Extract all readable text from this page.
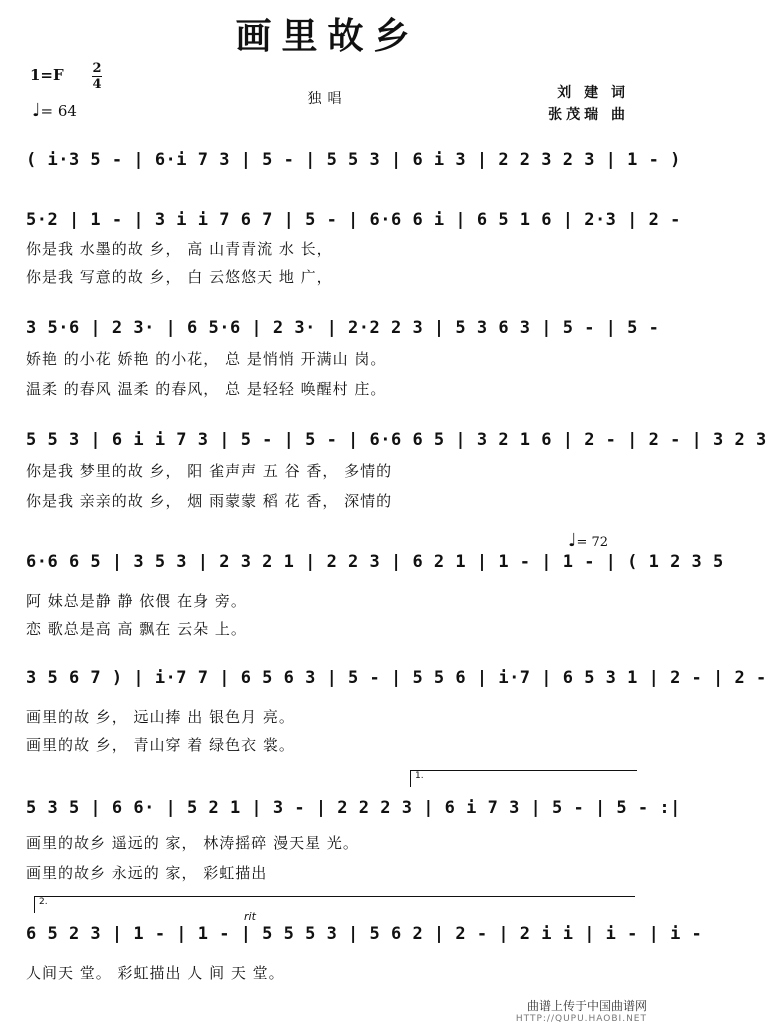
画里故乡
1=F 2
4
♩= 64
独唱	刘 建 词
张茂瑞 曲
( i·3 5 - | 6·i 7 3 | 5 - | 5 5 3 | 6 i 3 | 2 2 3 2 3 | 1 - )
5·2 | 1 - | 3 i i 7 6 7 | 5 - | 6·6 6 i | 6 5 1 6 | 2·3 | 2 -
你是我 水墨的故 乡， 高 山青青流 水 长，
你是我 写意的故 乡， 白 云悠悠天 地 广，
3 5·6 | 2 3· | 6 5·6 | 2 3· | 2·2 2 3 | 5 3 6 3 | 5 - | 5 -
娇艳 的小花 娇艳 的小花， 总 是悄悄 开满山 岗。
温柔 的春风 温柔 的春风， 总 是轻轻 唤醒村 庄。
5 5 3 | 6 i i 7 3 | 5 - | 5 - | 6·6 6 5 | 3 2 1 6 | 2 - | 2 - | 3 2 3
你是我 梦里的故 乡， 阳 雀声声 五 谷 香， 多情的
你是我 亲亲的故 乡， 烟 雨蒙蒙 稻 花 香， 深情的
♩= 72
6·6 6 5 | 3 5 3 | 2 3 2 1 | 2 2 3 | 6 2 1 | 1 - | 1 - | ( 1 2 3 5
阿 妹总是静 静 依偎 在身 旁。
恋 歌总是高 高 飘在 云朵 上。
3 5 6 7 ) | i·7 7 | 6 5 6 3 | 5 - | 5 5 6 | i·7 | 6 5 3 1 | 2 - | 2 -
画里的故 乡， 远山捧 出 银色月 亮。
画里的故 乡， 青山穿 着 绿色衣 裳。
1.
5 3 5 | 6 6· | 5 2 1 | 3 - | 2 2 2 3 | 6 i 7 3 | 5 - | 5 - :|
画里的故乡 遥远的 家， 林涛摇碎 漫天星 光。
画里的故乡 永远的 家， 彩虹描出
2.
rit
6 5 2 3 | 1 - | 1 - | 5 5 5 3 | 5 6 2 | 2 - | 2 i i | i - | i -
人间天 堂。 彩虹描出 人 间 天 堂。
曲谱上传于中国曲谱网
HTTP://QUPU.HAOBI.NET
